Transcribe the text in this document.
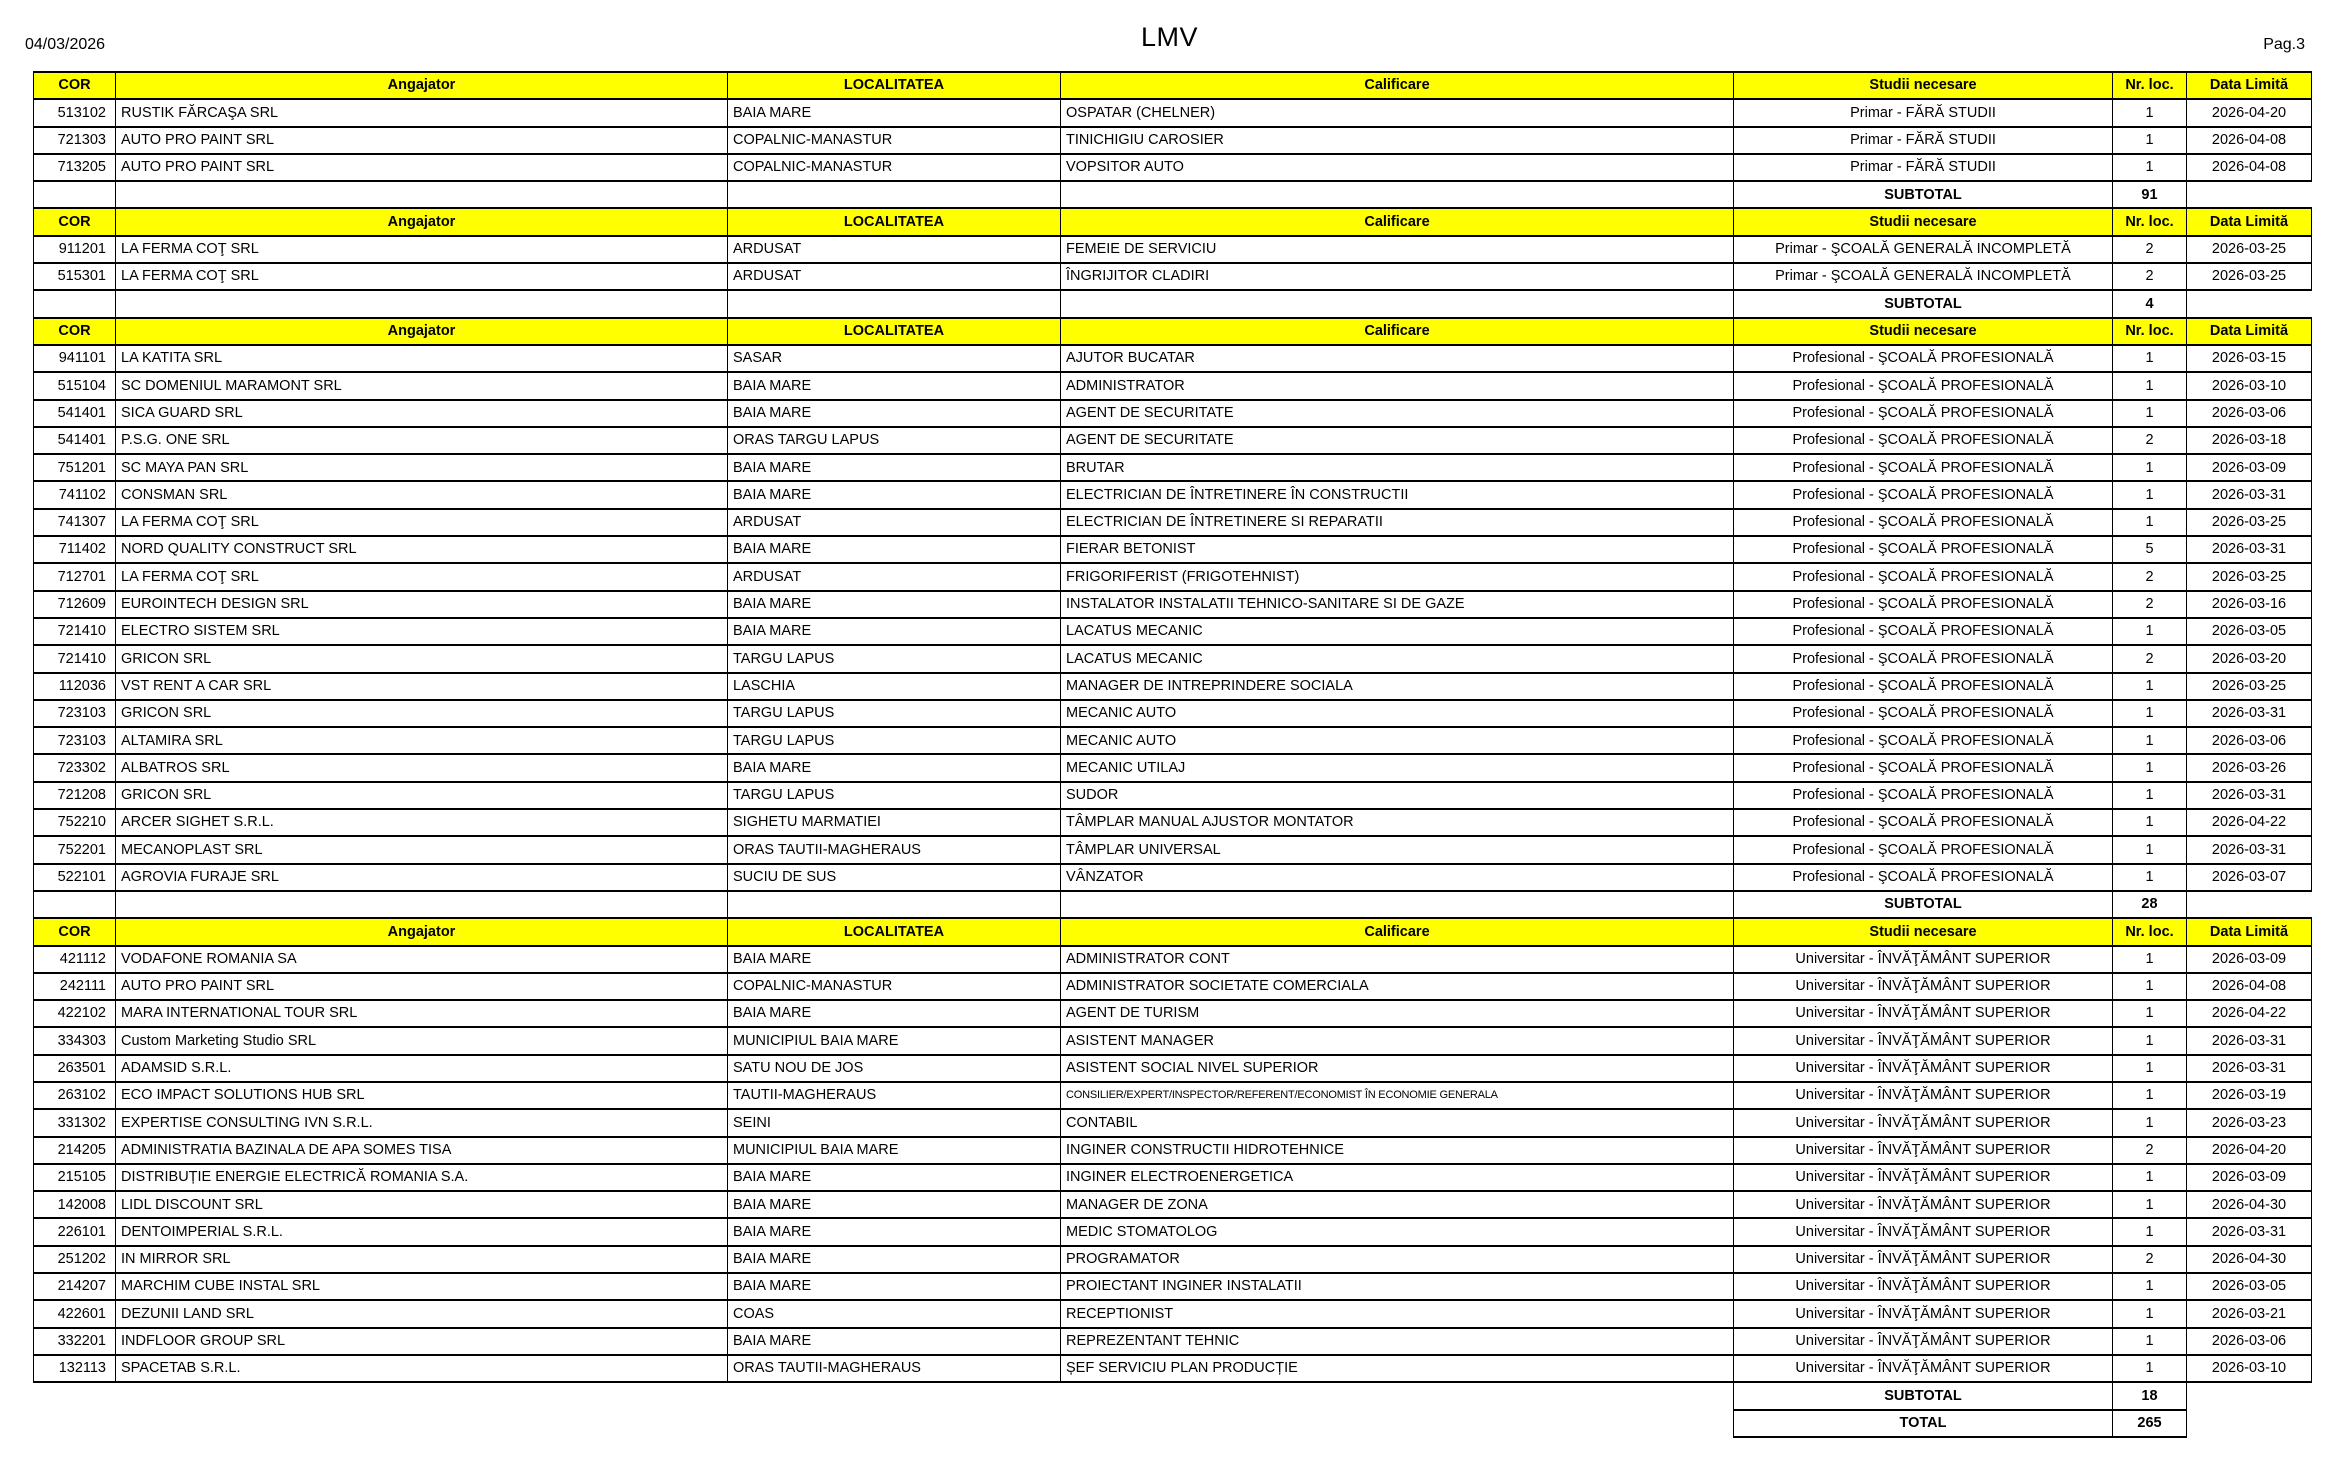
04/03/2026	LMV	Pag.3
COR	Angajator	LOCALITATEA	Calificare	Studii necesare	Nr. loc.	Data Limită
513102	RUSTIK FĂRCAŞA SRL	BAIA MARE	OSPATAR (CHELNER)	Primar - FĂRĂ STUDII	1	2026-04-20
721303	AUTO PRO PAINT SRL	COPALNIC-MANASTUR	TINICHIGIU CAROSIER	Primar - FĂRĂ STUDII	1	2026-04-08
713205	AUTO PRO PAINT SRL	COPALNIC-MANASTUR	VOPSITOR AUTO	Primar - FĂRĂ STUDII	1	2026-04-08
				SUBTOTAL	91	
COR	Angajator	LOCALITATEA	Calificare	Studii necesare	Nr. loc.	Data Limită
911201	LA FERMA COŢ SRL	ARDUSAT	FEMEIE DE SERVICIU	Primar - ŞCOALĂ GENERALĂ INCOMPLETĂ	2	2026-03-25
515301	LA FERMA COŢ SRL	ARDUSAT	ÎNGRIJITOR CLADIRI	Primar - ŞCOALĂ GENERALĂ INCOMPLETĂ	2	2026-03-25
				SUBTOTAL	4	
COR	Angajator	LOCALITATEA	Calificare	Studii necesare	Nr. loc.	Data Limită
941101	LA KATITA SRL	SASAR	AJUTOR BUCATAR	Profesional - ŞCOALĂ PROFESIONALĂ	1	2026-03-15
515104	SC DOMENIUL MARAMONT SRL	BAIA MARE	ADMINISTRATOR	Profesional - ŞCOALĂ PROFESIONALĂ	1	2026-03-10
541401	SICA GUARD SRL	BAIA MARE	AGENT DE SECURITATE	Profesional - ŞCOALĂ PROFESIONALĂ	1	2026-03-06
541401	P.S.G. ONE SRL	ORAS TARGU LAPUS	AGENT DE SECURITATE	Profesional - ŞCOALĂ PROFESIONALĂ	2	2026-03-18
751201	SC MAYA PAN SRL	BAIA MARE	BRUTAR	Profesional - ŞCOALĂ PROFESIONALĂ	1	2026-03-09
741102	CONSMAN SRL	BAIA MARE	ELECTRICIAN DE ÎNTRETINERE ÎN CONSTRUCTII	Profesional - ŞCOALĂ PROFESIONALĂ	1	2026-03-31
741307	LA FERMA COŢ SRL	ARDUSAT	ELECTRICIAN DE ÎNTRETINERE SI REPARATII	Profesional - ŞCOALĂ PROFESIONALĂ	1	2026-03-25
711402	NORD QUALITY CONSTRUCT SRL	BAIA MARE	FIERAR BETONIST	Profesional - ŞCOALĂ PROFESIONALĂ	5	2026-03-31
712701	LA FERMA COŢ SRL	ARDUSAT	FRIGORIFERIST (FRIGOTEHNIST)	Profesional - ŞCOALĂ PROFESIONALĂ	2	2026-03-25
712609	EUROINTECH DESIGN SRL	BAIA MARE	INSTALATOR INSTALATII TEHNICO-SANITARE SI DE GAZE	Profesional - ŞCOALĂ PROFESIONALĂ	2	2026-03-16
721410	ELECTRO SISTEM SRL	BAIA MARE	LACATUS MECANIC	Profesional - ŞCOALĂ PROFESIONALĂ	1	2026-03-05
721410	GRICON SRL	TARGU LAPUS	LACATUS MECANIC	Profesional - ŞCOALĂ PROFESIONALĂ	2	2026-03-20
112036	VST RENT A CAR SRL	LASCHIA	MANAGER DE INTREPRINDERE SOCIALA	Profesional - ŞCOALĂ PROFESIONALĂ	1	2026-03-25
723103	GRICON SRL	TARGU LAPUS	MECANIC AUTO	Profesional - ŞCOALĂ PROFESIONALĂ	1	2026-03-31
723103	ALTAMIRA SRL	TARGU LAPUS	MECANIC AUTO	Profesional - ŞCOALĂ PROFESIONALĂ	1	2026-03-06
723302	ALBATROS SRL	BAIA MARE	MECANIC UTILAJ	Profesional - ŞCOALĂ PROFESIONALĂ	1	2026-03-26
721208	GRICON SRL	TARGU LAPUS	SUDOR	Profesional - ŞCOALĂ PROFESIONALĂ	1	2026-03-31
752210	ARCER SIGHET S.R.L.	SIGHETU MARMATIEI	TÂMPLAR MANUAL AJUSTOR MONTATOR	Profesional - ŞCOALĂ PROFESIONALĂ	1	2026-04-22
752201	MECANOPLAST SRL	ORAS TAUTII-MAGHERAUS	TÂMPLAR UNIVERSAL	Profesional - ŞCOALĂ PROFESIONALĂ	1	2026-03-31
522101	AGROVIA FURAJE SRL	SUCIU DE SUS	VÂNZATOR	Profesional - ŞCOALĂ PROFESIONALĂ	1	2026-03-07
				SUBTOTAL	28	
COR	Angajator	LOCALITATEA	Calificare	Studii necesare	Nr. loc.	Data Limită
421112	VODAFONE ROMANIA SA	BAIA MARE	ADMINISTRATOR CONT	Universitar - ÎNVĂŢĂMÂNT SUPERIOR	1	2026-03-09
242111	AUTO PRO PAINT SRL	COPALNIC-MANASTUR	ADMINISTRATOR SOCIETATE COMERCIALA	Universitar - ÎNVĂŢĂMÂNT SUPERIOR	1	2026-04-08
422102	MARA INTERNATIONAL TOUR SRL	BAIA MARE	AGENT DE TURISM	Universitar - ÎNVĂŢĂMÂNT SUPERIOR	1	2026-04-22
334303	Custom Marketing Studio SRL	MUNICIPIUL BAIA MARE	ASISTENT MANAGER	Universitar - ÎNVĂŢĂMÂNT SUPERIOR	1	2026-03-31
263501	ADAMSID S.R.L.	SATU NOU DE JOS	ASISTENT SOCIAL NIVEL SUPERIOR	Universitar - ÎNVĂŢĂMÂNT SUPERIOR	1	2026-03-31
263102	ECO IMPACT SOLUTIONS HUB SRL	TAUTII-MAGHERAUS	CONSILIER/EXPERT/INSPECTOR/REFERENT/ECONOMIST ÎN ECONOMIE GENERALA	Universitar - ÎNVĂŢĂMÂNT SUPERIOR	1	2026-03-19
331302	EXPERTISE CONSULTING IVN S.R.L.	SEINI	CONTABIL	Universitar - ÎNVĂŢĂMÂNT SUPERIOR	1	2026-03-23
214205	ADMINISTRATIA BAZINALA DE APA SOMES TISA	MUNICIPIUL BAIA MARE	INGINER CONSTRUCTII HIDROTEHNICE	Universitar - ÎNVĂŢĂMÂNT SUPERIOR	2	2026-04-20
215105	DISTRIBUȚIE ENERGIE ELECTRICĂ ROMANIA S.A.	BAIA MARE	INGINER ELECTROENERGETICA	Universitar - ÎNVĂŢĂMÂNT SUPERIOR	1	2026-03-09
142008	LIDL DISCOUNT SRL	BAIA MARE	MANAGER DE ZONA	Universitar - ÎNVĂŢĂMÂNT SUPERIOR	1	2026-04-30
226101	DENTOIMPERIAL S.R.L.	BAIA MARE	MEDIC STOMATOLOG	Universitar - ÎNVĂŢĂMÂNT SUPERIOR	1	2026-03-31
251202	IN MIRROR SRL	BAIA MARE	PROGRAMATOR	Universitar - ÎNVĂŢĂMÂNT SUPERIOR	2	2026-04-30
214207	MARCHIM CUBE INSTAL SRL	BAIA MARE	PROIECTANT INGINER INSTALATII	Universitar - ÎNVĂŢĂMÂNT SUPERIOR	1	2026-03-05
422601	DEZUNII LAND SRL	COAS	RECEPTIONIST	Universitar - ÎNVĂŢĂMÂNT SUPERIOR	1	2026-03-21
332201	INDFLOOR GROUP SRL	BAIA MARE	REPREZENTANT TEHNIC	Universitar - ÎNVĂŢĂMÂNT SUPERIOR	1	2026-03-06
132113	SPACETAB S.R.L.	ORAS TAUTII-MAGHERAUS	ȘEF SERVICIU PLAN PRODUCȚIE	Universitar - ÎNVĂŢĂMÂNT SUPERIOR	1	2026-03-10
				SUBTOTAL	18	
				TOTAL	265	
